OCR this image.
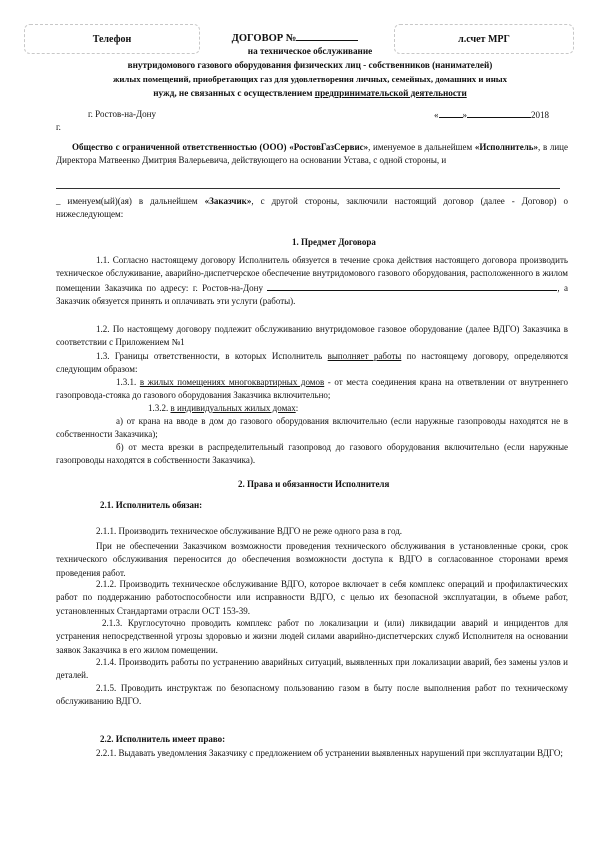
Телефон	ДОГОВОР №	л.счет МРГ
на техническое обслуживание
внутридомового газового оборудования физических лиц - собственников (нанимателей)
жилых помещений, приобретающих газ для удовлетворения личных, семейных, домашних и иных
нужд, не связанных с осуществлением предпринимательской деятельности
г. Ростов-на-Дону	«	»	2018
г.
Общество с ограниченной ответственностью (ООО) «РостовГазСервис», именуемое в дальнейшем «Исполнитель», в лице Директора Матвеенко Дмитрия Валерьевича, действующего на основании Устава, с одной стороны, и
_ именуем(ый)(ая) в дальнейшем «Заказчик», с другой стороны, заключили настоящий договор (далее - Договор) о нижеследующем:
1. Предмет Договора
1.1. Согласно настоящему договору Исполнитель обязуется в течение срока действия настоящего договора производить техническое обслуживание, аварийно-диспетчерское обеспечение внутридомового газового оборудования, расположенного в жилом помещении Заказчика по адресу: г. Ростов-на-Дону	, а Заказчик обязуется принять и оплачивать эти услуги (работы).
1.2. По настоящему договору подлежит обслуживанию внутридомовое газовое оборудование (далее ВДГО) Заказчика в соответствии с Приложением №1
1.3. Границы ответственности, в которых Исполнитель выполняет работы по настоящему договору, определяются следующим образом:
1.3.1. в жилых помещениях многоквартирных домов - от места соединения крана на ответвлении от внутреннего газопровода-стояка до газового оборудования Заказчика включительно;
1.3.2. в индивидуальных жилых домах:
а) от крана на вводе в дом до газового оборудования включительно (если наружные газопроводы находятся не в собственности Заказчика);
б) от места врезки в распределительный газопровод до газового оборудования включительно (если наружные газопроводы находятся в собственности Заказчика).
2. Права и обязанности Исполнителя
2.1. Исполнитель обязан:
2.1.1. Производить техническое обслуживание ВДГО не реже одного раза в год.
При не обеспечении Заказчиком возможности проведения технического обслуживания в установленные сроки, срок технического обслуживания переносится до обеспечения возможности доступа к ВДГО в согласованное сторонами время проведения работ.
2.1.2. Производить техническое обслуживание ВДГО, которое включает в себя комплекс операций и профилактических работ по поддержанию работоспособности или исправности ВДГО, с целью их безопасной эксплуатации, в объеме работ, установленных Стандартами отрасли ОСТ 153-39.
2.1.3. Круглосуточно проводить комплекс работ по локализации и (или) ликвидации аварий и инцидентов для устранения непосредственной угрозы здоровью и жизни людей силами аварийно-диспетчерских служб Исполнителя на основании заявок Заказчика в его жилом помещении.
2.1.4. Производить работы по устранению аварийных ситуаций, выявленных при локализации аварий, без замены узлов и деталей.
2.1.5. Проводить инструктаж по безопасному пользованию газом в быту после выполнения работ по техническому обслуживанию ВДГО.
2.2. Исполнитель имеет право:
2.2.1. Выдавать уведомления Заказчику с предложением об устранении выявленных нарушений при эксплуатации ВДГО;
